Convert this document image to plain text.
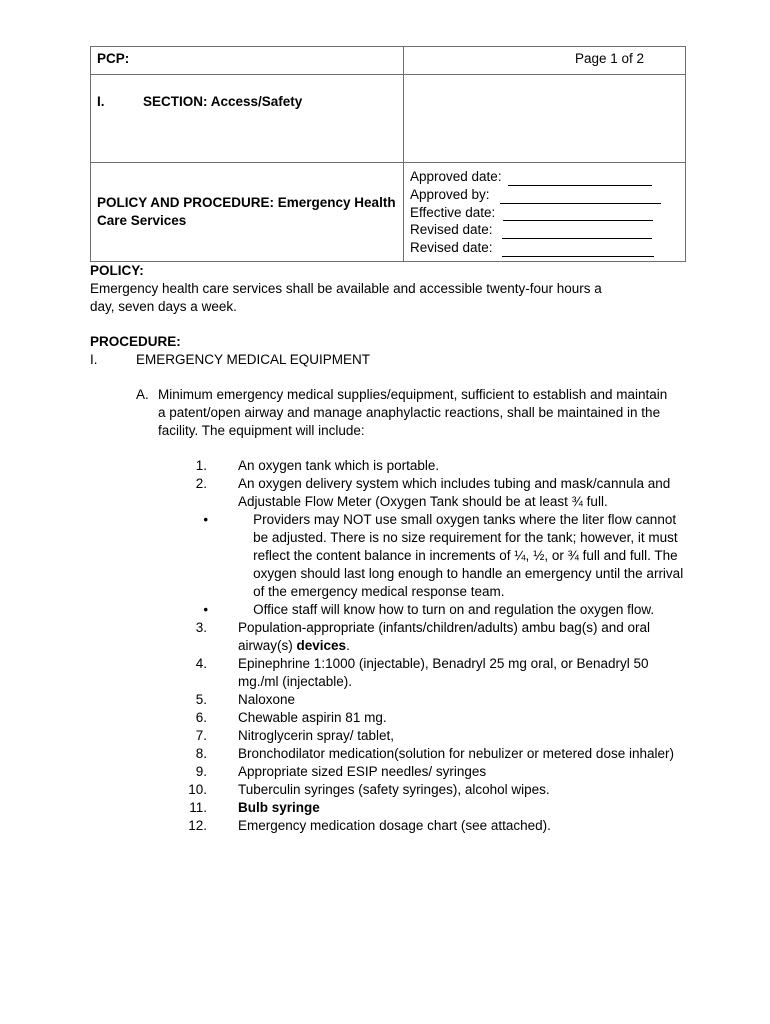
PCP:	Page 1 of 2
I. SECTION: Access/Safety	
POLICY AND PROCEDURE: Emergency Health Care Services	Approved date:
Approved by:
Effective date:
Revised date:
Revised date:
POLICY:
Emergency health care services shall be available and accessible twenty-four hours a day, seven days a week.
PROCEDURE:
I.	EMERGENCY MEDICAL EQUIPMENT
A. Minimum emergency medical supplies/equipment, sufficient to establish and maintain a patent/open airway and manage anaphylactic reactions, shall be maintained in the facility. The equipment will include:
1. An oxygen tank which is portable.
2. An oxygen delivery system which includes tubing and mask/cannula and Adjustable Flow Meter (Oxygen Tank should be at least ¾ full.
•	Providers may NOT use small oxygen tanks where the liter flow cannot be adjusted. There is no size requirement for the tank; however, it must reflect the content balance in increments of ¼, ½, or ¾ full and full. The oxygen should last long enough to handle an emergency until the arrival of the emergency medical response team.
•	Office staff will know how to turn on and regulation the oxygen flow.
3. Population-appropriate (infants/children/adults) ambu bag(s) and oral airway(s) devices.
4. Epinephrine 1:1000 (injectable), Benadryl 25 mg oral, or Benadryl 50 mg./ml (injectable).
5. Naloxone
6. Chewable aspirin 81 mg.
7. Nitroglycerin spray/ tablet,
8. Bronchodilator medication(solution for nebulizer or metered dose inhaler)
9. Appropriate sized ESIP needles/ syringes
10. Tuberculin syringes (safety syringes), alcohol wipes.
11. Bulb syringe
12. Emergency medication dosage chart (see attached).
